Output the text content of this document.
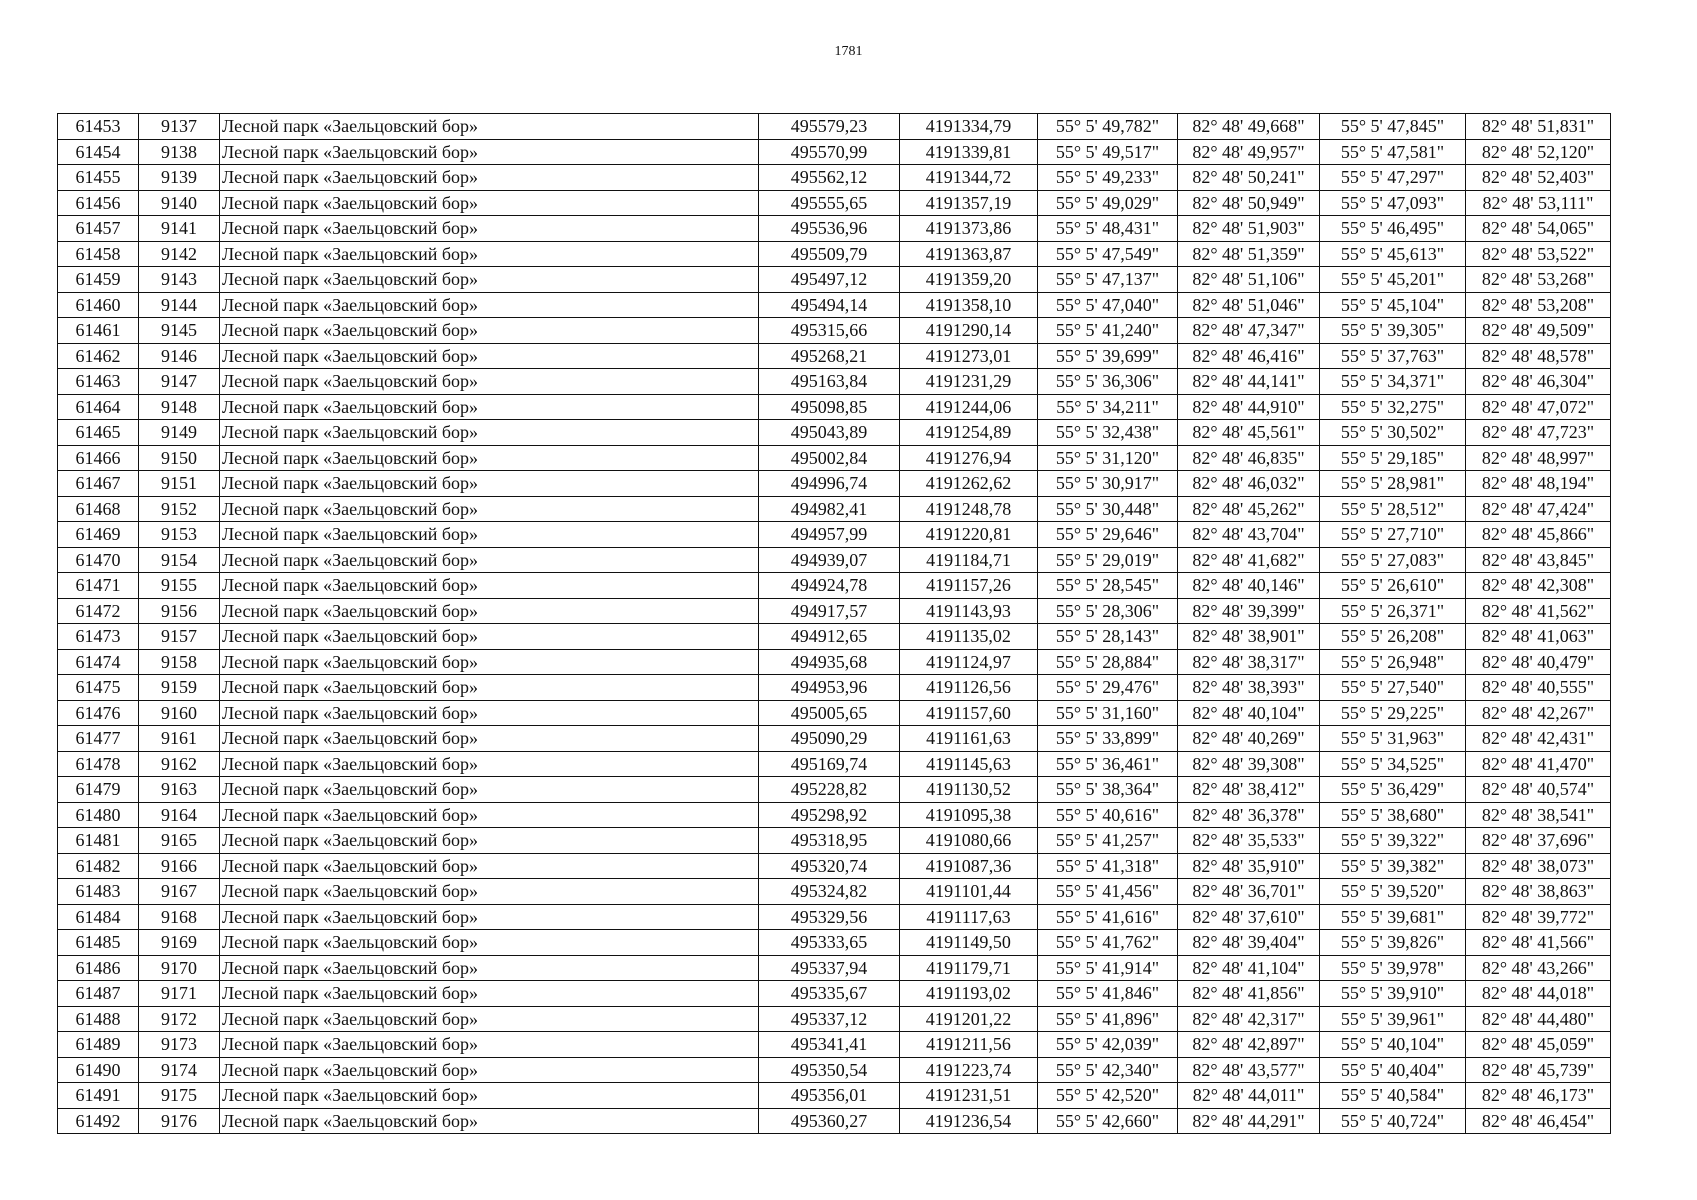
1781
61453	9137	Лесной парк «Заельцовский бор»	495579,23	4191334,79	55° 5' 49,782"	82° 48' 49,668"	55° 5' 47,845"	82° 48' 51,831"
61454	9138	Лесной парк «Заельцовский бор»	495570,99	4191339,81	55° 5' 49,517"	82° 48' 49,957"	55° 5' 47,581"	82° 48' 52,120"
61455	9139	Лесной парк «Заельцовский бор»	495562,12	4191344,72	55° 5' 49,233"	82° 48' 50,241"	55° 5' 47,297"	82° 48' 52,403"
61456	9140	Лесной парк «Заельцовский бор»	495555,65	4191357,19	55° 5' 49,029"	82° 48' 50,949"	55° 5' 47,093"	82° 48' 53,111"
61457	9141	Лесной парк «Заельцовский бор»	495536,96	4191373,86	55° 5' 48,431"	82° 48' 51,903"	55° 5' 46,495"	82° 48' 54,065"
61458	9142	Лесной парк «Заельцовский бор»	495509,79	4191363,87	55° 5' 47,549"	82° 48' 51,359"	55° 5' 45,613"	82° 48' 53,522"
61459	9143	Лесной парк «Заельцовский бор»	495497,12	4191359,20	55° 5' 47,137"	82° 48' 51,106"	55° 5' 45,201"	82° 48' 53,268"
61460	9144	Лесной парк «Заельцовский бор»	495494,14	4191358,10	55° 5' 47,040"	82° 48' 51,046"	55° 5' 45,104"	82° 48' 53,208"
61461	9145	Лесной парк «Заельцовский бор»	495315,66	4191290,14	55° 5' 41,240"	82° 48' 47,347"	55° 5' 39,305"	82° 48' 49,509"
61462	9146	Лесной парк «Заельцовский бор»	495268,21	4191273,01	55° 5' 39,699"	82° 48' 46,416"	55° 5' 37,763"	82° 48' 48,578"
61463	9147	Лесной парк «Заельцовский бор»	495163,84	4191231,29	55° 5' 36,306"	82° 48' 44,141"	55° 5' 34,371"	82° 48' 46,304"
61464	9148	Лесной парк «Заельцовский бор»	495098,85	4191244,06	55° 5' 34,211"	82° 48' 44,910"	55° 5' 32,275"	82° 48' 47,072"
61465	9149	Лесной парк «Заельцовский бор»	495043,89	4191254,89	55° 5' 32,438"	82° 48' 45,561"	55° 5' 30,502"	82° 48' 47,723"
61466	9150	Лесной парк «Заельцовский бор»	495002,84	4191276,94	55° 5' 31,120"	82° 48' 46,835"	55° 5' 29,185"	82° 48' 48,997"
61467	9151	Лесной парк «Заельцовский бор»	494996,74	4191262,62	55° 5' 30,917"	82° 48' 46,032"	55° 5' 28,981"	82° 48' 48,194"
61468	9152	Лесной парк «Заельцовский бор»	494982,41	4191248,78	55° 5' 30,448"	82° 48' 45,262"	55° 5' 28,512"	82° 48' 47,424"
61469	9153	Лесной парк «Заельцовский бор»	494957,99	4191220,81	55° 5' 29,646"	82° 48' 43,704"	55° 5' 27,710"	82° 48' 45,866"
61470	9154	Лесной парк «Заельцовский бор»	494939,07	4191184,71	55° 5' 29,019"	82° 48' 41,682"	55° 5' 27,083"	82° 48' 43,845"
61471	9155	Лесной парк «Заельцовский бор»	494924,78	4191157,26	55° 5' 28,545"	82° 48' 40,146"	55° 5' 26,610"	82° 48' 42,308"
61472	9156	Лесной парк «Заельцовский бор»	494917,57	4191143,93	55° 5' 28,306"	82° 48' 39,399"	55° 5' 26,371"	82° 48' 41,562"
61473	9157	Лесной парк «Заельцовский бор»	494912,65	4191135,02	55° 5' 28,143"	82° 48' 38,901"	55° 5' 26,208"	82° 48' 41,063"
61474	9158	Лесной парк «Заельцовский бор»	494935,68	4191124,97	55° 5' 28,884"	82° 48' 38,317"	55° 5' 26,948"	82° 48' 40,479"
61475	9159	Лесной парк «Заельцовский бор»	494953,96	4191126,56	55° 5' 29,476"	82° 48' 38,393"	55° 5' 27,540"	82° 48' 40,555"
61476	9160	Лесной парк «Заельцовский бор»	495005,65	4191157,60	55° 5' 31,160"	82° 48' 40,104"	55° 5' 29,225"	82° 48' 42,267"
61477	9161	Лесной парк «Заельцовский бор»	495090,29	4191161,63	55° 5' 33,899"	82° 48' 40,269"	55° 5' 31,963"	82° 48' 42,431"
61478	9162	Лесной парк «Заельцовский бор»	495169,74	4191145,63	55° 5' 36,461"	82° 48' 39,308"	55° 5' 34,525"	82° 48' 41,470"
61479	9163	Лесной парк «Заельцовский бор»	495228,82	4191130,52	55° 5' 38,364"	82° 48' 38,412"	55° 5' 36,429"	82° 48' 40,574"
61480	9164	Лесной парк «Заельцовский бор»	495298,92	4191095,38	55° 5' 40,616"	82° 48' 36,378"	55° 5' 38,680"	82° 48' 38,541"
61481	9165	Лесной парк «Заельцовский бор»	495318,95	4191080,66	55° 5' 41,257"	82° 48' 35,533"	55° 5' 39,322"	82° 48' 37,696"
61482	9166	Лесной парк «Заельцовский бор»	495320,74	4191087,36	55° 5' 41,318"	82° 48' 35,910"	55° 5' 39,382"	82° 48' 38,073"
61483	9167	Лесной парк «Заельцовский бор»	495324,82	4191101,44	55° 5' 41,456"	82° 48' 36,701"	55° 5' 39,520"	82° 48' 38,863"
61484	9168	Лесной парк «Заельцовский бор»	495329,56	4191117,63	55° 5' 41,616"	82° 48' 37,610"	55° 5' 39,681"	82° 48' 39,772"
61485	9169	Лесной парк «Заельцовский бор»	495333,65	4191149,50	55° 5' 41,762"	82° 48' 39,404"	55° 5' 39,826"	82° 48' 41,566"
61486	9170	Лесной парк «Заельцовский бор»	495337,94	4191179,71	55° 5' 41,914"	82° 48' 41,104"	55° 5' 39,978"	82° 48' 43,266"
61487	9171	Лесной парк «Заельцовский бор»	495335,67	4191193,02	55° 5' 41,846"	82° 48' 41,856"	55° 5' 39,910"	82° 48' 44,018"
61488	9172	Лесной парк «Заельцовский бор»	495337,12	4191201,22	55° 5' 41,896"	82° 48' 42,317"	55° 5' 39,961"	82° 48' 44,480"
61489	9173	Лесной парк «Заельцовский бор»	495341,41	4191211,56	55° 5' 42,039"	82° 48' 42,897"	55° 5' 40,104"	82° 48' 45,059"
61490	9174	Лесной парк «Заельцовский бор»	495350,54	4191223,74	55° 5' 42,340"	82° 48' 43,577"	55° 5' 40,404"	82° 48' 45,739"
61491	9175	Лесной парк «Заельцовский бор»	495356,01	4191231,51	55° 5' 42,520"	82° 48' 44,011"	55° 5' 40,584"	82° 48' 46,173"
61492	9176	Лесной парк «Заельцовский бор»	495360,27	4191236,54	55° 5' 42,660"	82° 48' 44,291"	55° 5' 40,724"	82° 48' 46,454"
